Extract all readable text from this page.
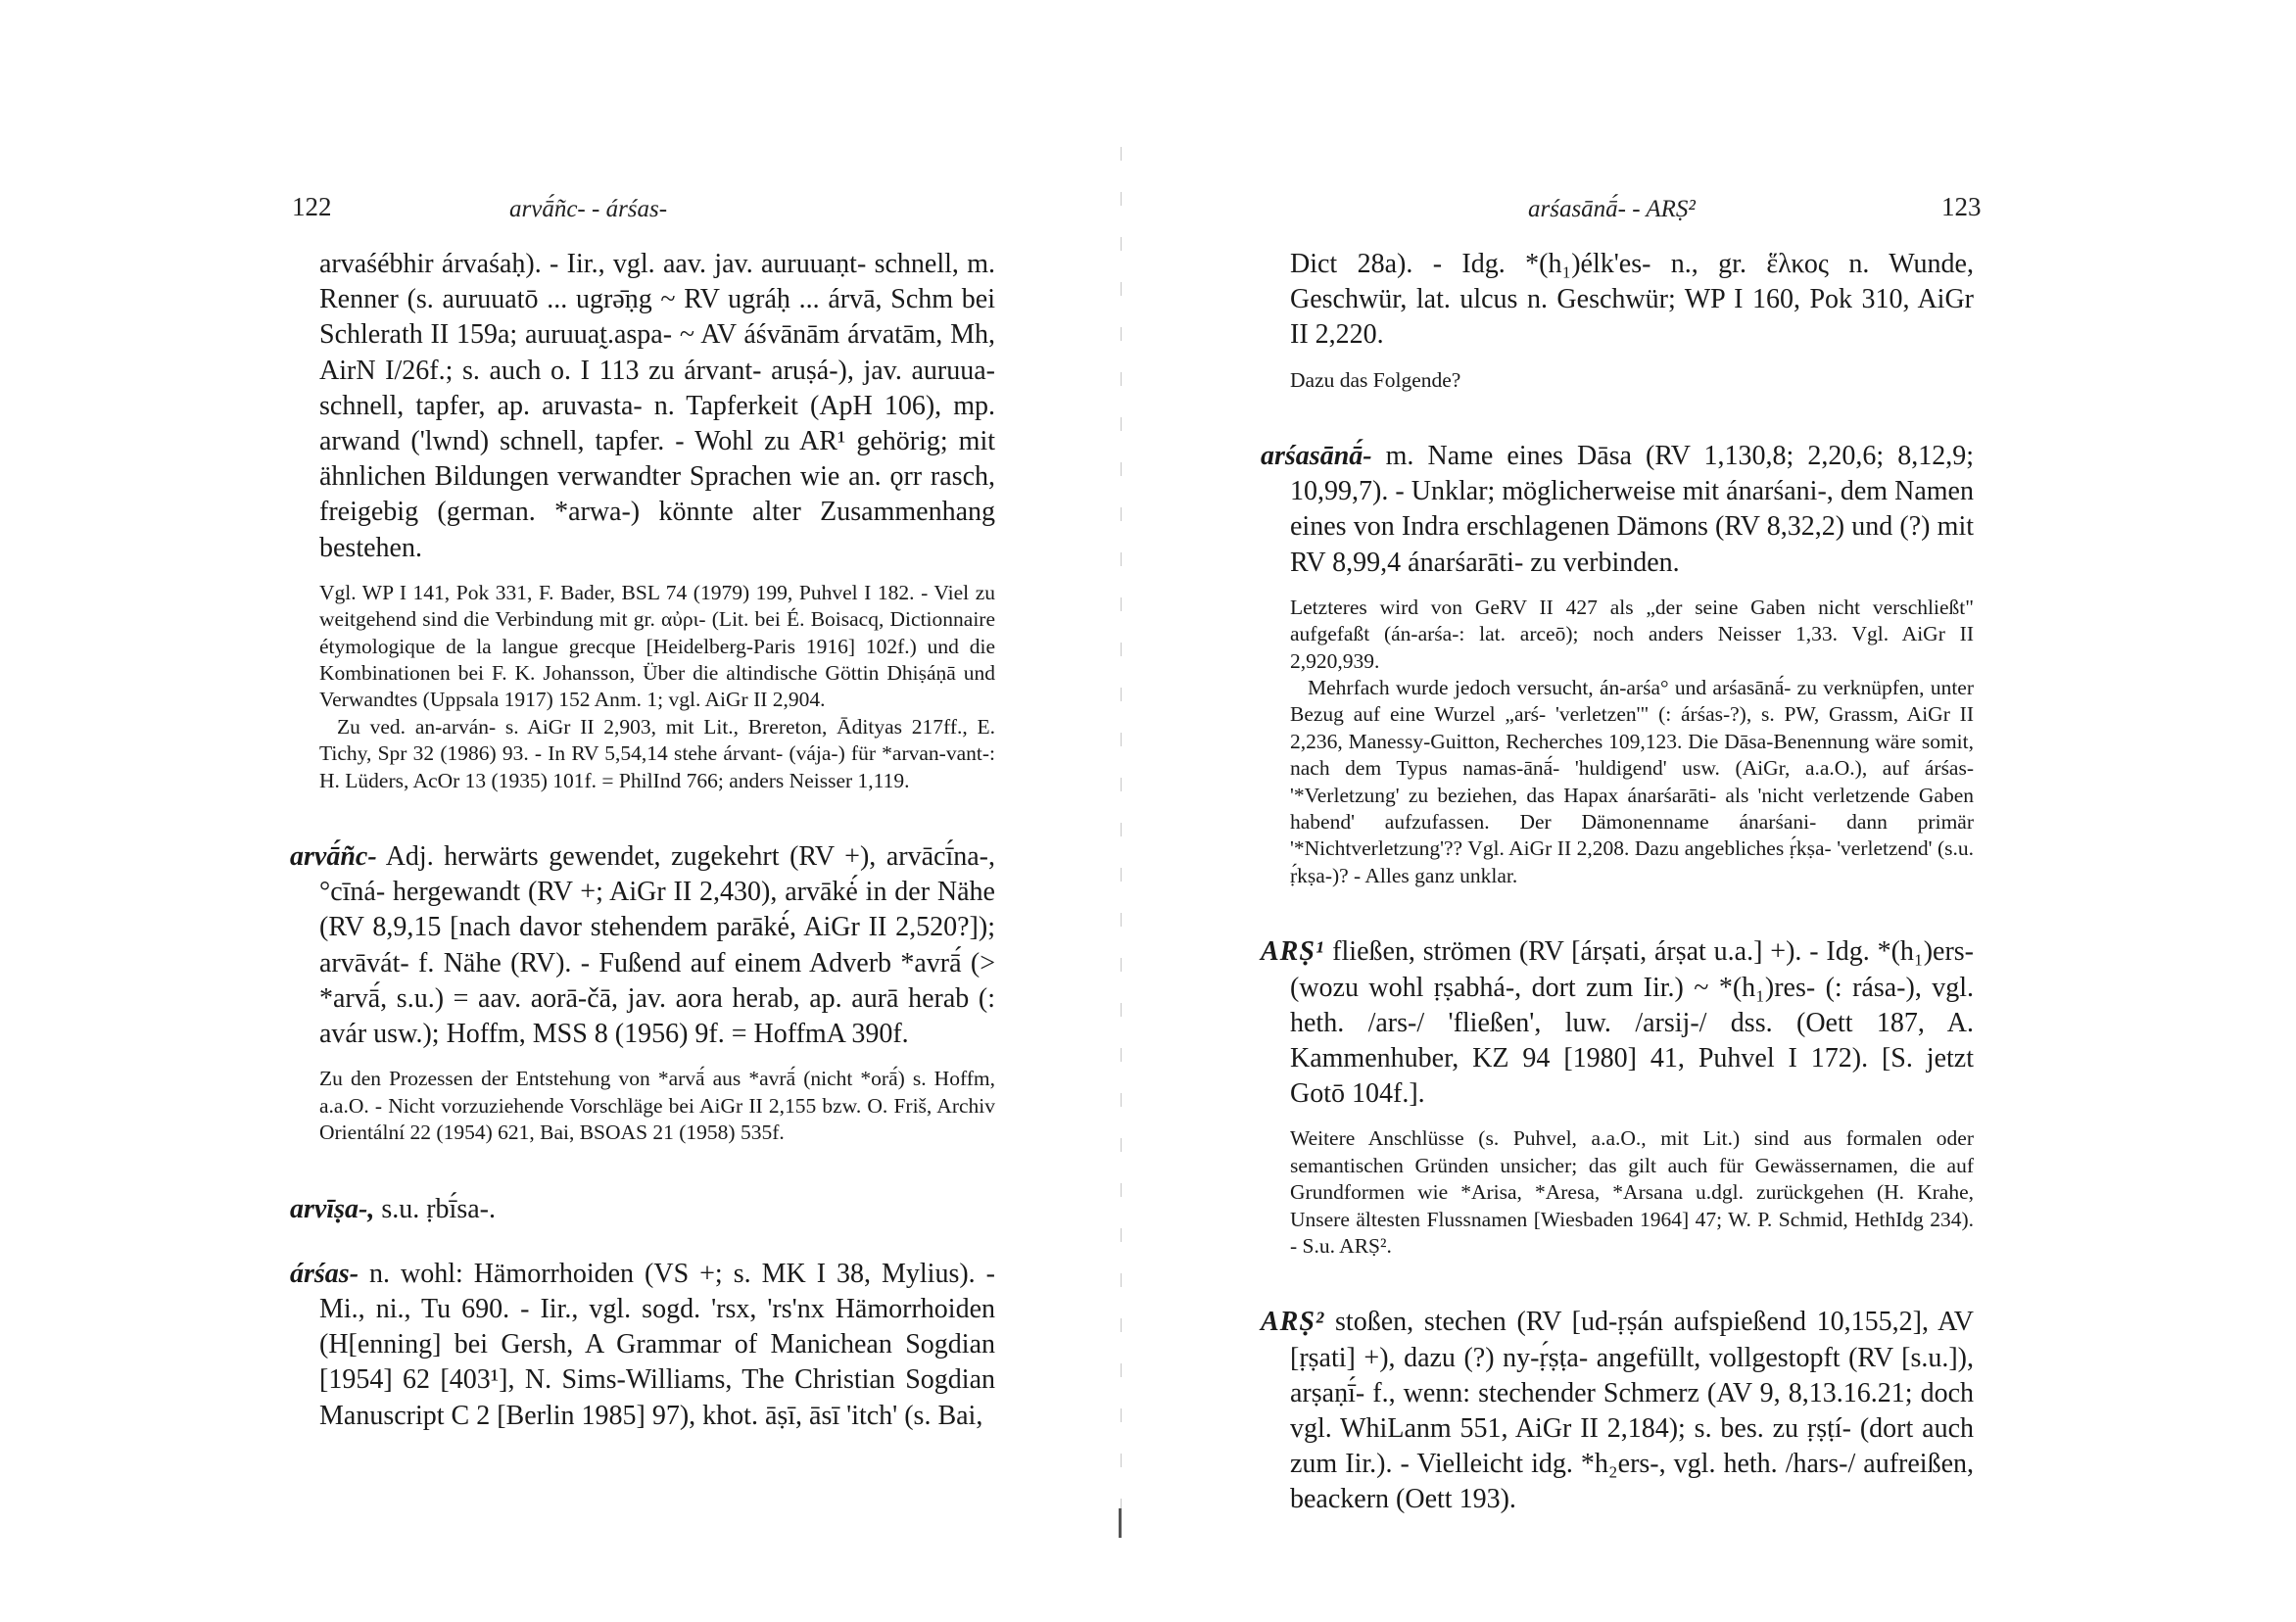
122	arvā́ñc- - árśas-

arvaśébhir árvaśaḥ). - Iir., vgl. aav. jav. auruuaṇt- schnell, m. Renner (s. auruuatō ... ugrə̄ṇg ~ RV ugráḥ ... árvā, Schm bei Schlerath II 159a; auruuat̰.aspa- ~ AV áśvānām árvatām, Mh, AirN I/26f.; s. auch o. I 113 zu árvant- aruṣá-), jav. auruua- schnell, tapfer, ap. aruvasta- n. Tapferkeit (ApH 106), mp. arwand ('lwnd) schnell, tapfer. - Wohl zu AR¹ gehörig; mit ähnlichen Bildungen verwandter Sprachen wie an. ǫrr rasch, freigebig (german. *arwa-) könnte alter Zusammenhang bestehen.

Vgl. WP I 141, Pok 331, F. Bader, BSL 74 (1979) 199, Puhvel I 182. - Viel zu weitgehend sind die Verbindung mit gr. αὐρι- (Lit. bei É. Boisacq, Dictionnaire étymologique de la langue grecque [Heidelberg-Paris 1916] 102f.) und die Kombinationen bei F. K. Johansson, Über die altindische Göttin Dhiṣáṇā und Verwandtes (Uppsala 1917) 152 Anm. 1; vgl. AiGr II 2,904.

Zu ved. an-arván- s. AiGr II 2,903, mit Lit., Brereton, Ādityas 217ff., E. Tichy, Spr 32 (1986) 93. - In RV 5,54,14 stehe árvant- (vája-) für *arvan-vant-: H. Lüders, AcOr 13 (1935) 101f. = PhilInd 766; anders Neisser 1,119.

arvā́ñc- Adj. herwärts gewendet, zugekehrt (RV +), arvācī́na-, °cīná- hergewandt (RV +; AiGr II 2,430), arvākė́ in der Nähe (RV 8,9,15 [nach davor stehendem parākė́, AiGr II 2,520?]); arvāvát- f. Nähe (RV). - Fußend auf einem Adverb *avrā́ (> *arvā́, s.u.) = aav. aorā-čā, jav. aora herab, ap. aurā herab (: avár usw.); Hoffm, MSS 8 (1956) 9f. = HoffmA 390f.

Zu den Prozessen der Entstehung von *arvā́ aus *avrā́ (nicht *orā́) s. Hoffm, a.a.O. - Nicht vorzuziehende Vorschläge bei AiGr II 2,155 bzw. O. Friš, Archiv Orientální 22 (1954) 621, Bai, BSOAS 21 (1958) 535f.

arvīṣa-, s.u. ṛbī́sa-.

árśas- n. wohl: Hämorrhoiden (VS +; s. MK I 38, Mylius). - Mi., ni., Tu 690. - Iir., vgl. sogd. 'rsx, 'rs'nx Hämorrhoiden (H[enning] bei Gersh, A Grammar of Manichean Sogdian [1954] 62 [403¹], N. Sims-Williams, The Christian Sogdian Manuscript C 2 [Berlin 1985] 97), khot. āṣī, āsī 'itch' (s. Bai,

arśasānā́- - ARṢ²	123

Dict 28a). - Idg. *(h₁)élk'es- n., gr. ἕλκος n. Wunde, Geschwür, lat. ulcus n. Geschwür; WP I 160, Pok 310, AiGr II 2,220.

Dazu das Folgende?

arśasānā́- m. Name eines Dāsa (RV 1,130,8; 2,20,6; 8,12,9; 10,99,7). - Unklar; möglicherweise mit ánarśani-, dem Namen eines von Indra erschlagenen Dämons (RV 8,32,2) und (?) mit RV 8,99,4 ánarśarāti- zu verbinden.

Letzteres wird von GeRV II 427 als „der seine Gaben nicht verschließt" aufgefaßt (án-arśa-: lat. arceō); noch anders Neisser 1,33. Vgl. AiGr II 2,920,939.

Mehrfach wurde jedoch versucht, án-arśa° und arśasānā́- zu verknüpfen, unter Bezug auf eine Wurzel „arś- 'verletzen'" (: árśas-?), s. PW, Grassm, AiGr II 2,236, Manessy-Guitton, Recherches 109,123. Die Dāsa-Benennung wäre somit, nach dem Typus namas-ānā́- 'huldigend' usw. (AiGr, a.a.O.), auf árśas- '*Verletzung' zu beziehen, das Hapax ánarśarāti- als 'nicht verletzende Gaben habend' aufzufassen. Der Dämonenname ánarśani- dann primär '*Nichtverletzung'?? Vgl. AiGr II 2,208. Dazu angebliches ṛ́kṣa- 'verletzend' (s.u. ṛ́kṣa-)? - Alles ganz unklar.

ARṢ¹ fließen, strömen (RV [árṣati, árṣat u.a.] +). - Idg. *(h₁)ers- (wozu wohl ṛṣabhá-, dort zum Iir.) ~ *(h₁)res- (: rása-), vgl. heth. /ars-/ 'fließen', luw. /arsij-/ dss. (Oett 187, A. Kammenhuber, KZ 94 [1980] 41, Puhvel I 172). [S. jetzt Gotō 104f.].

Weitere Anschlüsse (s. Puhvel, a.a.O., mit Lit.) sind aus formalen oder semantischen Gründen unsicher; das gilt auch für Gewässernamen, die auf Grundformen wie *Arisa, *Aresa, *Arsana u.dgl. zurückgehen (H. Krahe, Unsere ältesten Flussnamen [Wiesbaden 1964] 47; W. P. Schmid, HethIdg 234). - S.u. ARṢ².

ARṢ² stoßen, stechen (RV [ud-ṛṣán aufspießend 10,155,2], AV [ṛṣati] +), dazu (?) ny-ṛ́ṣṭa- angefüllt, vollgestopft (RV [s.u.]), arṣaṇī́- f., wenn: stechender Schmerz (AV 9, 8,13.16.21; doch vgl. WhiLanm 551, AiGr II 2,184); s. bes. zu ṛṣṭí- (dort auch zum Iir.). - Vielleicht idg. *h₂ers-, vgl. heth. /hars-/ aufreißen, beackern (Oett 193).
